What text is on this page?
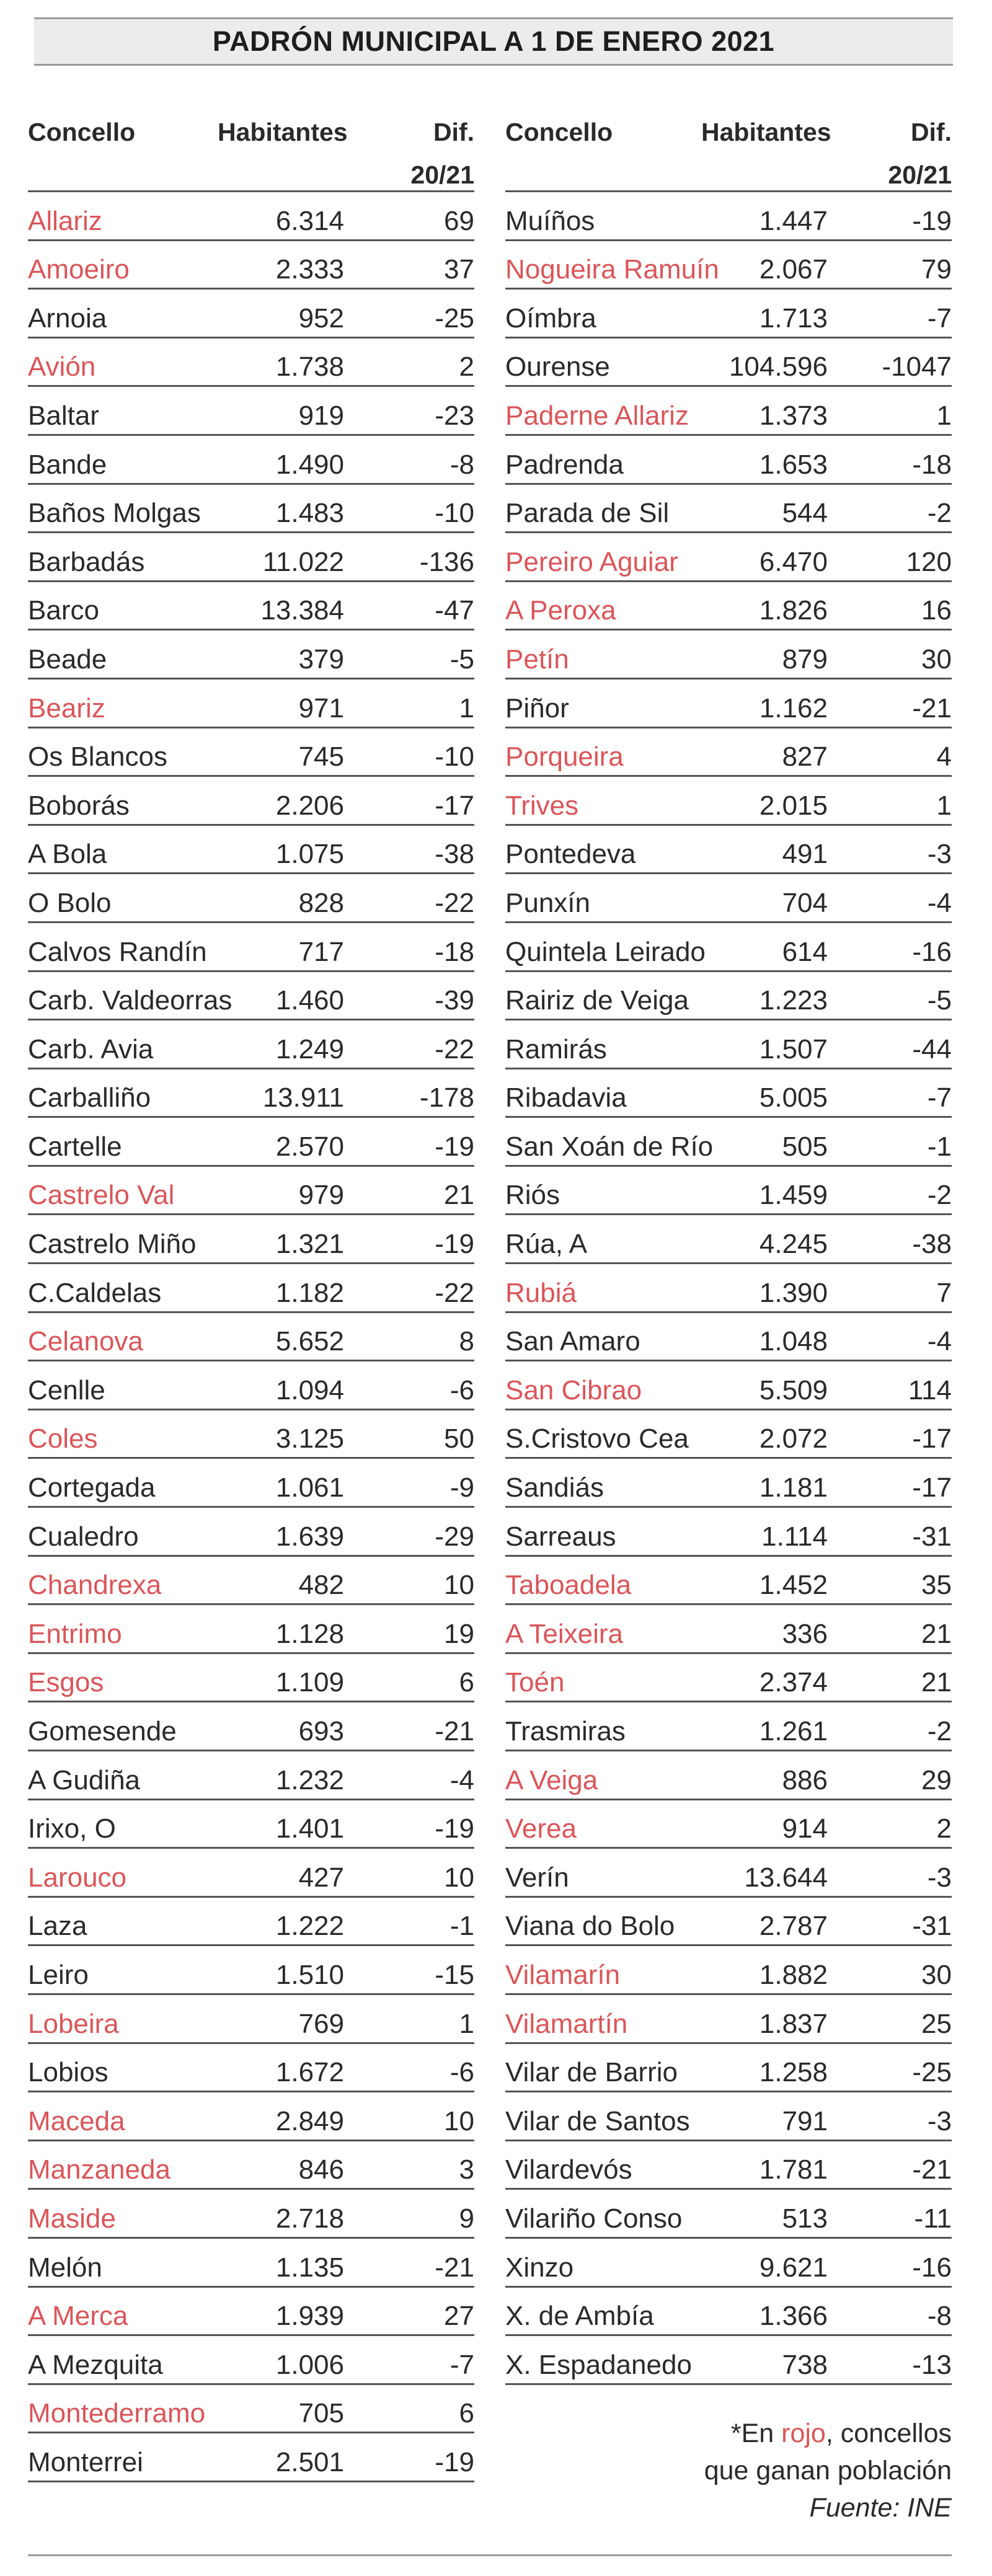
PADRÓN MUNICIPAL A 1 DE ENERO 2021
Concello	Habitantes	Dif.
20/21
Allariz	6.314	69
Amoeiro	2.333	37
Arnoia	952	-25
Avión	1.738	2
Baltar	919	-23
Bande	1.490	-8
Baños Molgas	1.483	-10
Barbadás	11.022	-136
Barco	13.384	-47
Beade	379	-5
Beariz	971	1
Os Blancos	745	-10
Boborás	2.206	-17
A Bola	1.075	-38
O Bolo	828	-22
Calvos Randín	717	-18
Carb. Valdeorras 1.460	-39
Carb. Avia	1.249	-22
Carballiño	13.911	-178
Cartelle	2.570	-19
Castrelo Val	979	21
Castrelo Miño	1.321	-19
C.Caldelas	1.182	-22
Celanova	5.652	8
Cenlle	1.094	-6
Coles	3.125	50
Cortegada	1.061	-9
Cualedro	1.639	-29
Chandrexa	482	10
Entrimo	1.128	19
Esgos	1.109	6
Gomesende	693	-21
A Gudiña	1.232	-4
Irixo, O	1.401	-19
Larouco	427	10
Laza	1.222	-1
Leiro	1.510	-15
Lobeira	769	1
Lobios	1.672	-6
Maceda	2.849	10
Manzaneda	846	3
Maside	2.718	9
Melón	1.135	-21
A Merca	1.939	27
A Mezquita	1.006	-7
Montederramo	705	6
Monterrei	2.501	-19
Concello	Habitantes	Dif.
20/21
Muíños	1.447	-19
Nogueira Ramuín 2.067	79
Oímbra	1.713	-7
Ourense	104.596 -1047
Paderne Allariz	1.373	1
Padrenda	1.653	-18
Parada de Sil	544	-2
Pereiro Aguiar	6.470	120
A Peroxa	1.826	16
Petín	879	30
Piñor	1.162	-21
Porqueira	827	4
Trives	2.015	1
Pontedeva	491	-3
Punxín	704	-4
Quintela Leirado	614	-16
Rairiz de Veiga	1.223	-5
Ramirás	1.507	-44
Ribadavia	5.005	-7
San Xoán de Río	505	-1
Riós	1.459	-2
Rúa, A	4.245	-38
Rubiá	1.390	7
San Amaro	1.048	-4
San Cibrao	5.509	114
S.Cristovo Cea	2.072	-17
Sandiás	1.181	-17
Sarreaus	1.114	-31
Taboadela	1.452	35
A Teixeira	336	21
Toén	2.374	21
Trasmiras	1.261	-2
A Veiga	886	29
Verea	914	2
Verín	13.644	-3
Viana do Bolo	2.787	-31
Vilamarín	1.882	30
Vilamartín	1.837	25
Vilar de Barrio	1.258	-25
Vilar de Santos	791	-3
Vilardevós	1.781	-21
Vilariño Conso	513	-11
Xinzo	9.621	-16
X. de Ambía	1.366	-8
X. Espadanedo	738	-13
*En rojo, concellos
que ganan población
Fuente: INE
